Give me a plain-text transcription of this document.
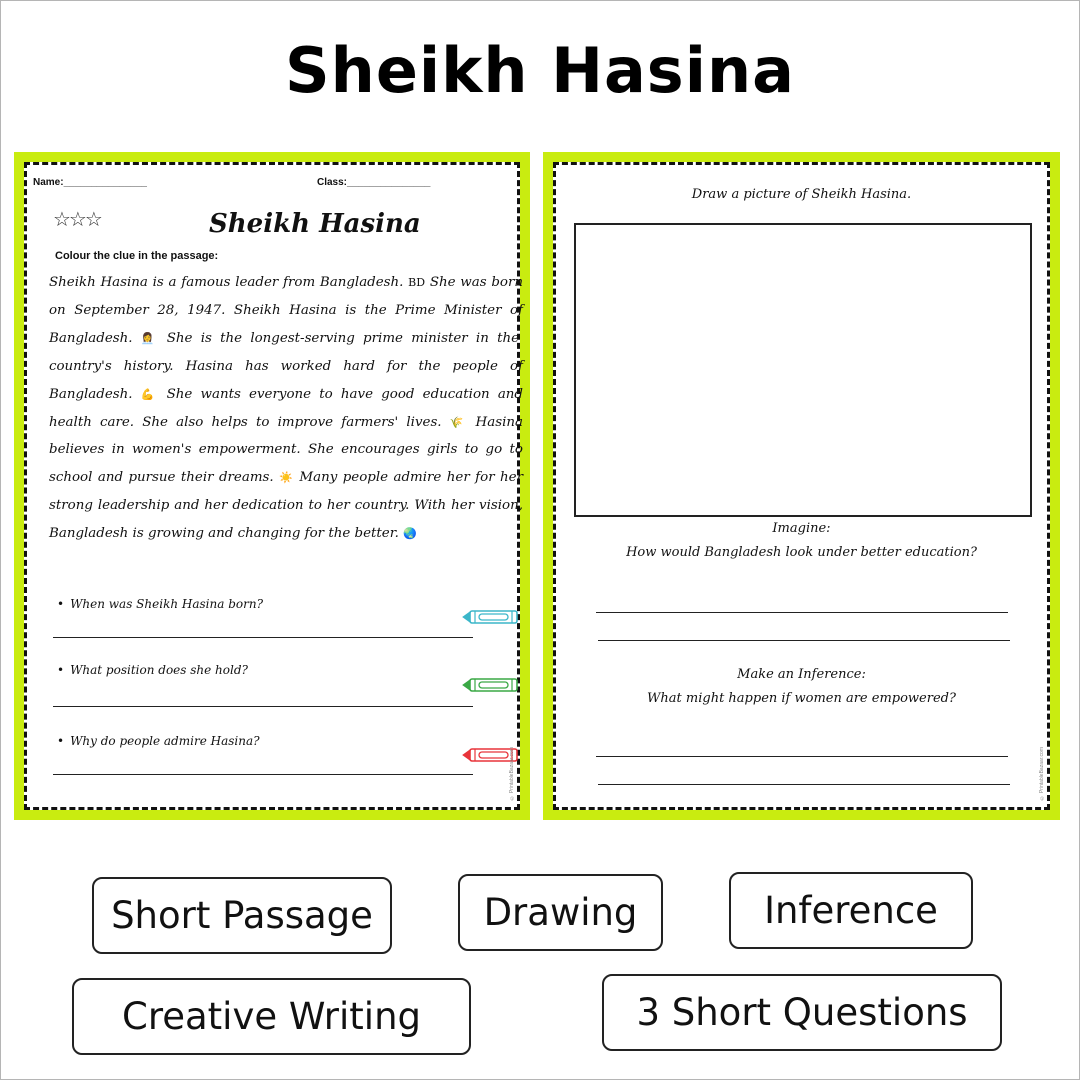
Sheikh Hasina
Name:_______________	Class:_______________
☆☆☆	Sheikh Hasina
Colour the clue in the passage:
Sheikh Hasina is a famous leader from Bangladesh. BD She was born on September 28, 1947. Sheikh Hasina is the Prime Minister of Bangladesh. 👩‍💼 She is the longest-serving prime minister in the country's history. Hasina has worked hard for the people of Bangladesh. 💪 She wants everyone to have good education and health care. She also helps to improve farmers' lives. 🌾 Hasina believes in women's empowerment. She encourages girls to go to school and pursue their dreams. ☀️ Many people admire her for her strong leadership and her dedication to her country. With her vision, Bangladesh is growing and changing for the better. 🌏
• When was Sheikh Hasina born?
• What position does she hold?
• Why do people admire Hasina?
© PrintableBazaar.com
Draw a picture of Sheikh Hasina.
Imagine:
How would Bangladesh look under better education?
Make an Inference:
What might happen if women are empowered?
© PrintableBazaar.com
Short Passage	Drawing	Inference
Creative Writing	3 Short Questions
